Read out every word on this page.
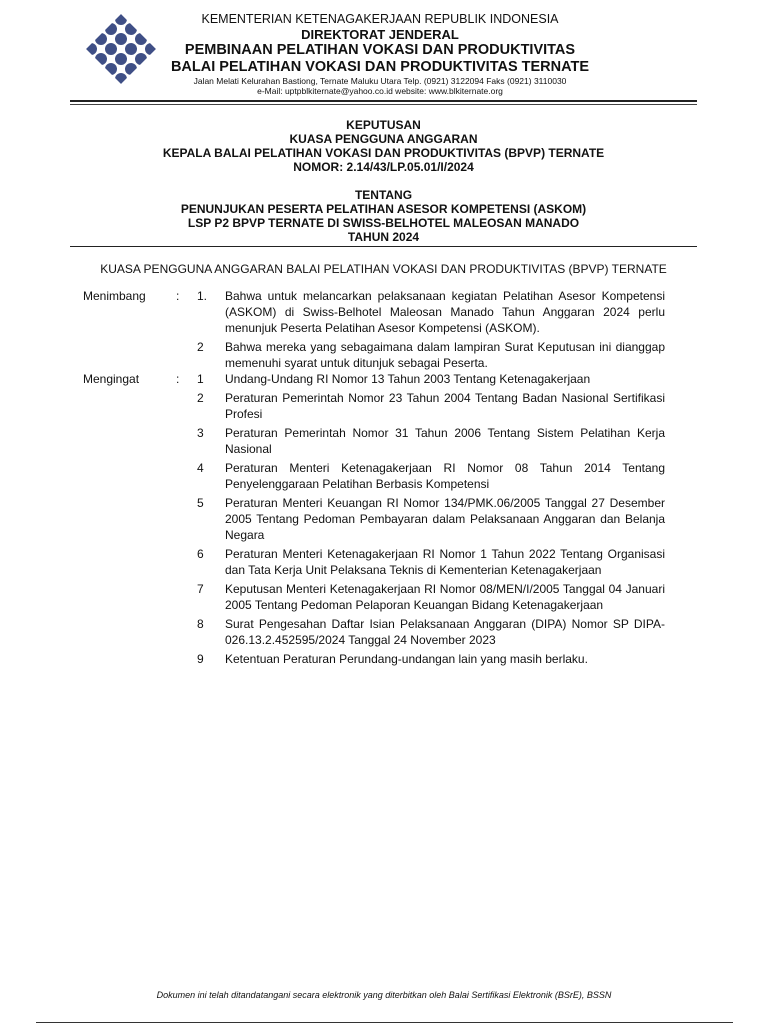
KEMENTERIAN KETENAGAKERJAAN REPUBLIK INDONESIA
DIREKTORAT JENDERAL
PEMBINAAN PELATIHAN VOKASI DAN PRODUKTIVITAS
BALAI PELATIHAN VOKASI DAN PRODUKTIVITAS TERNATE
Jalan Melati Kelurahan Bastiong, Ternate Maluku Utara Telp. (0921) 3122094 Faks (0921) 3110030
e-Mail: uptpblkiternate@yahoo.co.id website: www.blkiternate.org
KEPUTUSAN
KUASA PENGGUNA ANGGARAN
KEPALA BALAI PELATIHAN VOKASI DAN PRODUKTIVITAS (BPVP) TERNATE
NOMOR: 2.14/43/LP.05.01/I/2024
TENTANG
PENUNJUKAN PESERTA PELATIHAN ASESOR KOMPETENSI (ASKOM)
LSP P2 BPVP TERNATE DI SWISS-BELHOTEL MALEOSAN MANADO
TAHUN 2024
KUASA PENGGUNA ANGGARAN BALAI PELATIHAN VOKASI DAN PRODUKTIVITAS (BPVP) TERNATE
Menimbang	: 1. Bahwa untuk melancarkan pelaksanaan kegiatan Pelatihan Asesor Kompetensi (ASKOM) di Swiss-Belhotel Maleosan Manado Tahun Anggaran 2024 perlu menunjuk Peserta Pelatihan Asesor Kompetensi (ASKOM).
2 Bahwa mereka yang sebagaimana dalam lampiran Surat Keputusan ini dianggap memenuhi syarat untuk ditunjuk sebagai Peserta.
Mengingat	: 1 Undang-Undang RI Nomor 13 Tahun 2003 Tentang Ketenagakerjaan
2 Peraturan Pemerintah Nomor 23 Tahun 2004 Tentang Badan Nasional Sertifikasi Profesi
3 Peraturan Pemerintah Nomor 31 Tahun 2006 Tentang Sistem Pelatihan Kerja Nasional
4 Peraturan Menteri Ketenagakerjaan RI Nomor 08 Tahun 2014 Tentang Penyelenggaraan Pelatihan Berbasis Kompetensi
5 Peraturan Menteri Keuangan RI Nomor 134/PMK.06/2005 Tanggal 27 Desember 2005 Tentang Pedoman Pembayaran dalam Pelaksanaan Anggaran dan Belanja Negara
6 Peraturan Menteri Ketenagakerjaan RI Nomor 1 Tahun 2022 Tentang Organisasi dan Tata Kerja Unit Pelaksana Teknis di Kementerian Ketenagakerjaan
7 Keputusan Menteri Ketenagakerjaan RI Nomor 08/MEN/I/2005 Tanggal 04 Januari 2005 Tentang Pedoman Pelaporan Keuangan Bidang Ketenagakerjaan
8 Surat Pengesahan Daftar Isian Pelaksanaan Anggaran (DIPA) Nomor SP DIPA-026.13.2.452595/2024 Tanggal 24 November 2023
9 Ketentuan Peraturan Perundang-undangan lain yang masih berlaku.
Dokumen ini telah ditandatangani secara elektronik yang diterbitkan oleh Balai Sertifikasi Elektronik (BSrE), BSSN
